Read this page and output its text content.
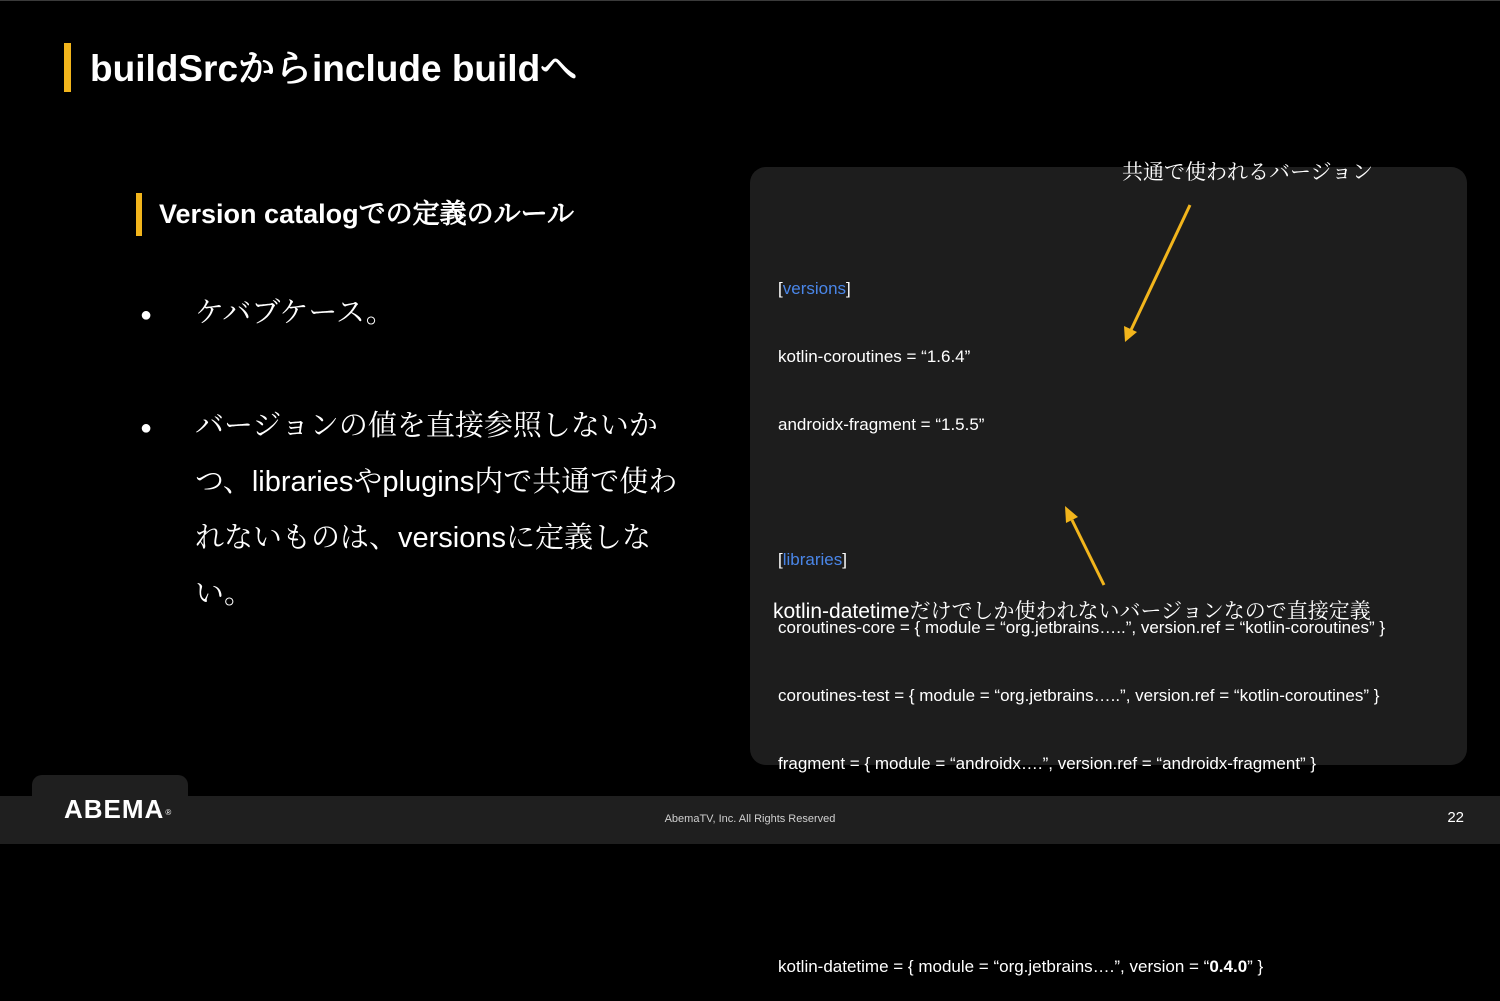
buildSrcからinclude buildへ
Version catalogでの定義のルール
● ケバブケース。
● バージョンの値を直接参照しないかつ、librariesやplugins内で共通で使われないものは、versionsに定義しない。

[versions]

kotlin-coroutines = “1.6.4”

androidx-fragment = “1.5.5”

[libraries]

coroutines-core = { module = “org.jetbrains…..”, version.ref = “kotlin-coroutines” }

coroutines-test = { module = “org.jetbrains…..”, version.ref = “kotlin-coroutines” }

fragment = { module = “androidx….”, version.ref = “androidx-fragment” }

kotlin-datetime = { module = “org.jetbrains….”, version = “0.4.0” }

共通で使われるバージョン
kotlin-datetimeだけでしか使われないバージョンなので直接定義
ABEMA®
AbemaTV, Inc. All Rights Reserved	22
